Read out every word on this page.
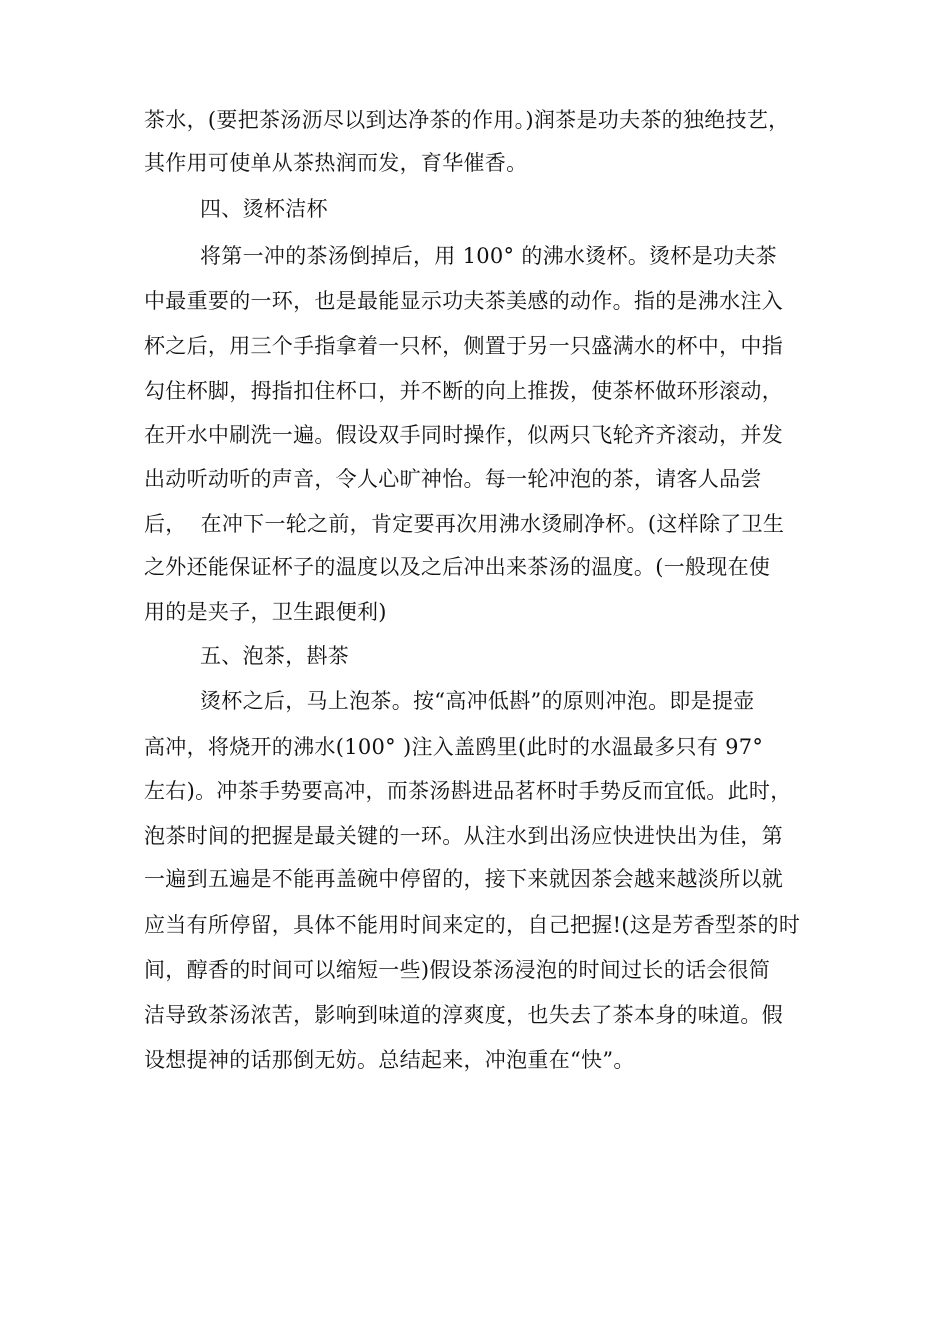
茶水，(要把茶汤沥尽以到达净茶的作用。)润茶是功夫茶的独绝技艺，
其作用可使单从茶热润而发，育华催香。
四、烫杯洁杯
将第一冲的茶汤倒掉后，用 100° 的沸水烫杯。烫杯是功夫茶
中最重要的一环，也是最能显示功夫茶美感的动作。指的是沸水注入
杯之后，用三个手指拿着一只杯，侧置于另一只盛满水的杯中，中指
勾住杯脚，拇指扣住杯口，并不断的向上推拨，使茶杯做环形滚动，
在开水中刷洗一遍。假设双手同时操作，似两只飞轮齐齐滚动，并发
出动听动听的声音，令人心旷神怡。每一轮冲泡的茶，请客人品尝
后，  在冲下一轮之前，肯定要再次用沸水烫刷净杯。(这样除了卫生
之外还能保证杯子的温度以及之后冲出来茶汤的温度。(一般现在使
用的是夹子，卫生跟便利)
五、泡茶，斟茶
烫杯之后，马上泡茶。按“高冲低斟”的原则冲泡。即是提壶
高冲，将烧开的沸水(100° )注入盖鸥里(此时的水温最多只有 97°
左右)。冲茶手势要高冲，而茶汤斟进品茗杯时手势反而宜低。此时，
泡茶时间的把握是最关键的一环。从注水到出汤应快进快出为佳，第
一遍到五遍是不能再盖碗中停留的，接下来就因茶会越来越淡所以就
应当有所停留，具体不能用时间来定的，自己把握!(这是芳香型茶的时
间，醇香的时间可以缩短一些)假设茶汤浸泡的时间过长的话会很简
洁导致茶汤浓苦，影响到味道的淳爽度，也失去了茶本身的味道。假
设想提神的话那倒无妨。总结起来，冲泡重在“快”。
